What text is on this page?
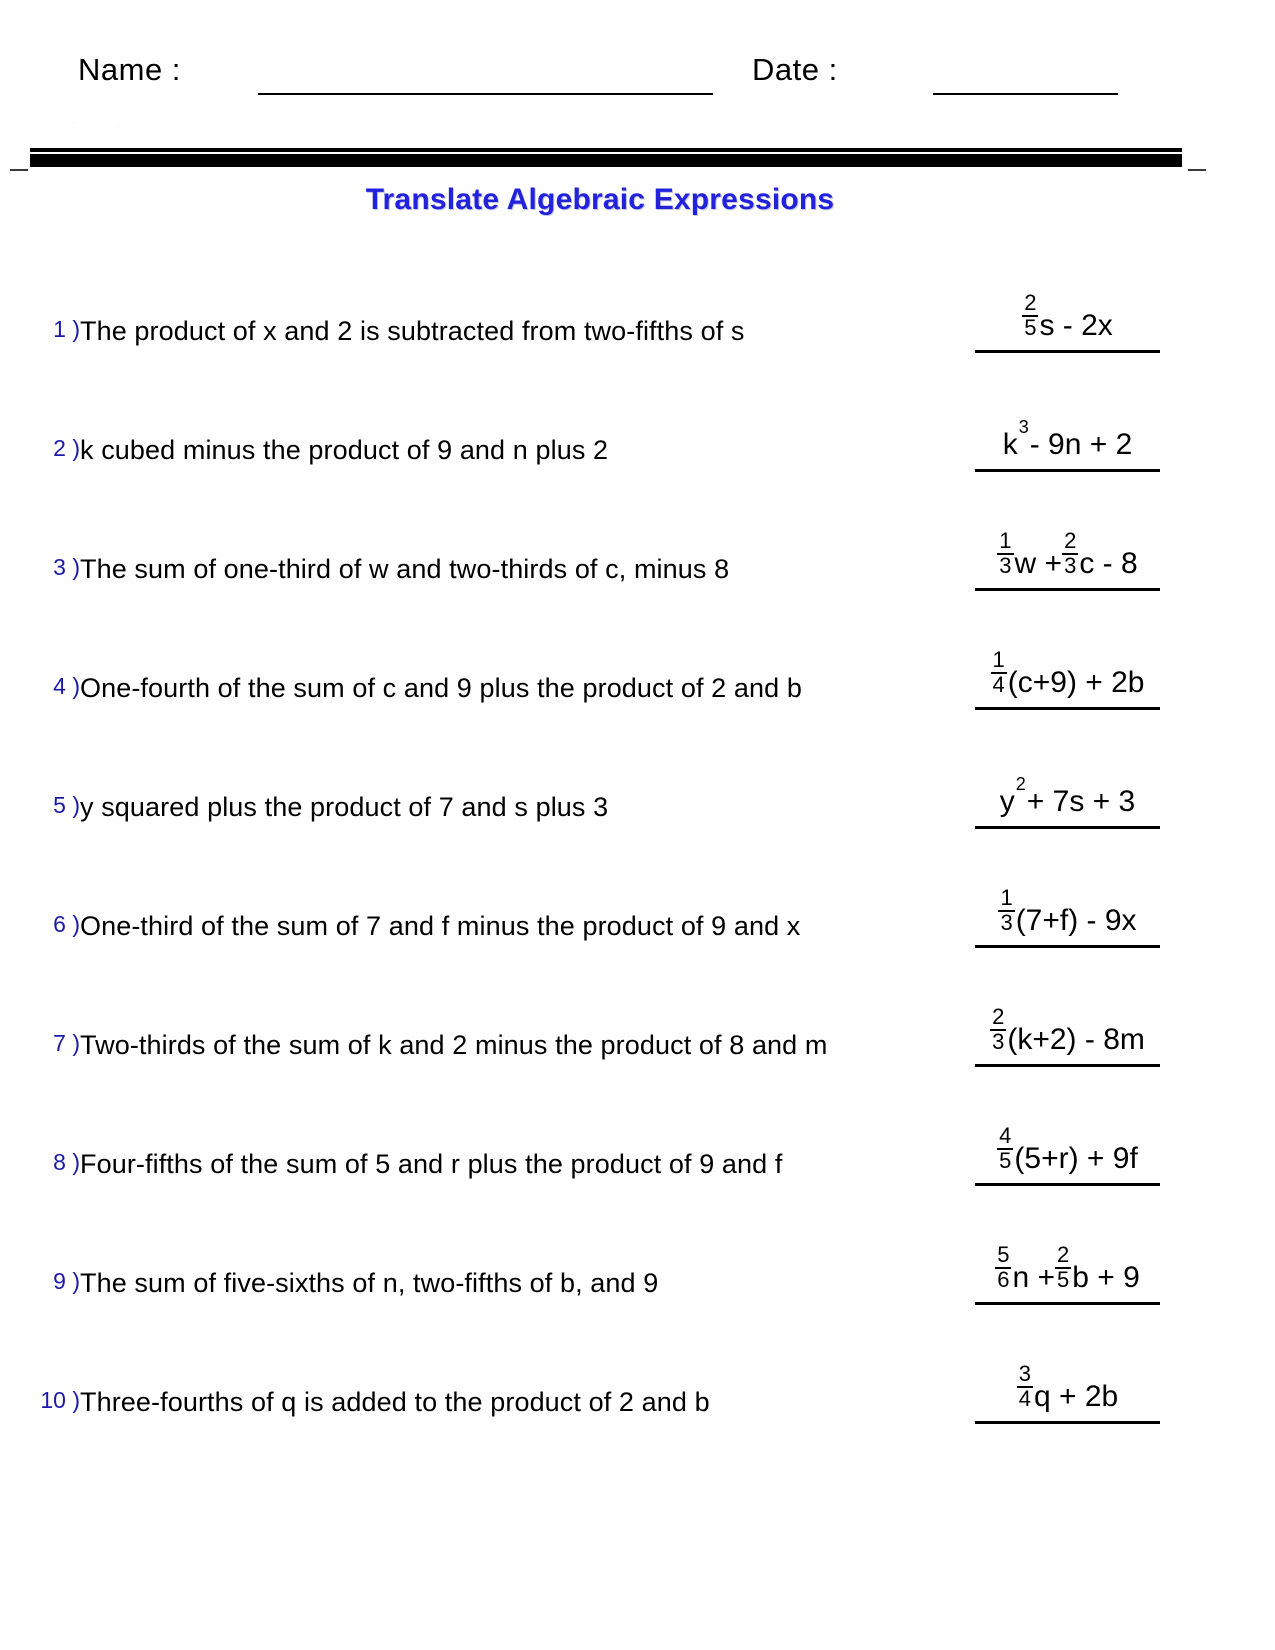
Name :	Date :
Score :
Translate Algebraic Expressions
1 ) The product of x and 2 is subtracted from two-fifths of s	$\frac{2}{5}$ s - 2x
2 ) k cubed minus the product of 9 and n plus 2	$k^3-$ 9n + 2
3 ) The sum of one-third of w and two-thirds of c, minus 8	$\frac{1}{3}$ $w + \frac{2}{3}$ c - 8
4 ) One-fourth of the sum of c and 9 plus the product of 2 and b	$\frac{1}{4} (c+9) + 2b$
5 ) y squared plus the product of 7 and s plus 3	$y^2+ 7s + 3$
6 ) One-third of the sum of 7 and f minus the product of 9 and x	$\frac{1}{3} (7+f) - 9x$
7 ) Two-thirds of the sum of k and 2 minus the product of 8 and m	$\frac{2}{3} (k+2) - 8m$
8 ) Four-fifths of the sum of 5 and r plus the product of 9 and f	$\frac{4}{5} (5+r) + 9f$
9 ) The sum of five-sixths of n, two-fifths of b, and 9	$\frac{5}{6}$ $n + \frac{2}{5}$ b + 9
10 ) Three-fourths of q is added to the product of 2 and b	$\frac{3}{4}$ q + 2b
